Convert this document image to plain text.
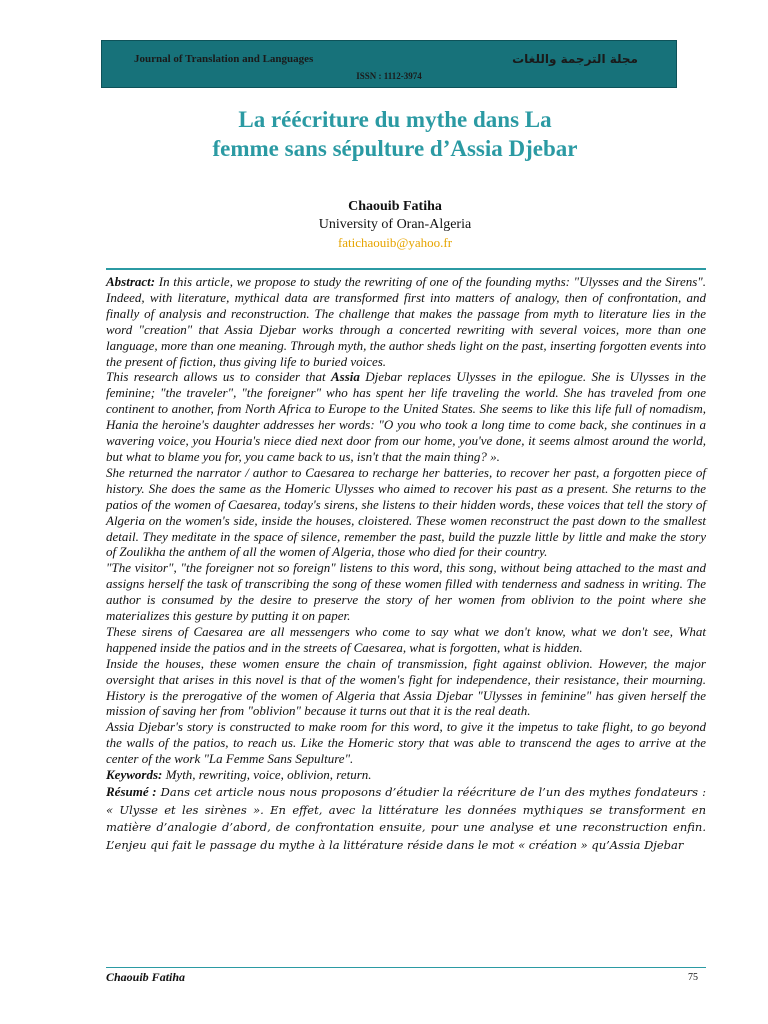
Journal of Translation and Languages	مجلة الترجمة واللغات
ISSN : 1112-3974
La réécriture du mythe dans La
femme sans sépulture d’Assia Djebar
Chaouib Fatiha
University of Oran-Algeria
fatichaouib@yahoo.fr

Abstract: In this article, we propose to study the rewriting of one of the founding myths: "Ulysses and the Sirens". Indeed, with literature, mythical data are transformed first into matters of analogy, then of confrontation, and finally of analysis and reconstruction. The challenge that makes the passage from myth to literature lies in the word "creation" that Assia Djebar works through a concerted rewriting with several voices, more than one language, more than one meaning. Through myth, the author sheds light on the past, inserting forgotten events into the present of fiction, thus giving life to buried voices.

This research allows us to consider that Assia Djebar replaces Ulysses in the epilogue. She is Ulysses in the feminine; "the traveler", "the foreigner" who has spent her life traveling the world. She has traveled from one continent to another, from North Africa to Europe to the United States. She seems to like this life full of nomadism, Hania the heroine's daughter addresses her words: "O you who took a long time to come back, she continues in a wavering voice, you Houria's niece died next door from our home, you've done, it seems almost around the world, but what to blame you for, you came back to us, isn't that the main thing? ».

She returned the narrator / author to Caesarea to recharge her batteries, to recover her past, a forgotten piece of history. She does the same as the Homeric Ulysses who aimed to recover his past as a present. She returns to the patios of the women of Caesarea, today's sirens, she listens to their hidden words, these voices that tell the story of Algeria on the women's side, inside the houses, cloistered. These women reconstruct the past down to the smallest detail. They meditate in the space of silence, remember the past, build the puzzle little by little and make the story of Zoulikha the anthem of all the women of Algeria, those who died for their country.

"The visitor", "the foreigner not so foreign" listens to this word, this song, without being attached to the mast and assigns herself the task of transcribing the song of these women filled with tenderness and sadness in writing. The author is consumed by the desire to preserve the story of her women from oblivion to the point where she materializes this gesture by putting it on paper.

These sirens of Caesarea are all messengers who come to say what we don't know, what we don't see, What happened inside the patios and in the streets of Caesarea, what is forgotten, what is hidden.

Inside the houses, these women ensure the chain of transmission, fight against oblivion. However, the major oversight that arises in this novel is that of the women's fight for independence, their resistance, their mourning. History is the prerogative of the women of Algeria that Assia Djebar "Ulysses in feminine" has given herself the mission of saving her from "oblivion" because it turns out that it is the real death.

Assia Djebar's story is constructed to make room for this word, to give it the impetus to take flight, to go beyond the walls of the patios, to reach us. Like the Homeric story that was able to transcend the ages to arrive at the center of the work "La Femme Sans Sepulture".

Keywords: Myth, rewriting, voice, oblivion, return.

Résumé : Dans cet article nous nous proposons d’étudier la réécriture de l’un des mythes fondateurs : « Ulysse et les sirènes ». En effet, avec la littérature les données mythiques se transforment en matière d’analogie d’abord, de confrontation ensuite, pour une analyse et une reconstruction enfin. L’enjeu qui fait le passage du mythe à la littérature réside dans le mot « création » qu’Assia Djebar

Chaouib Fatiha	75
